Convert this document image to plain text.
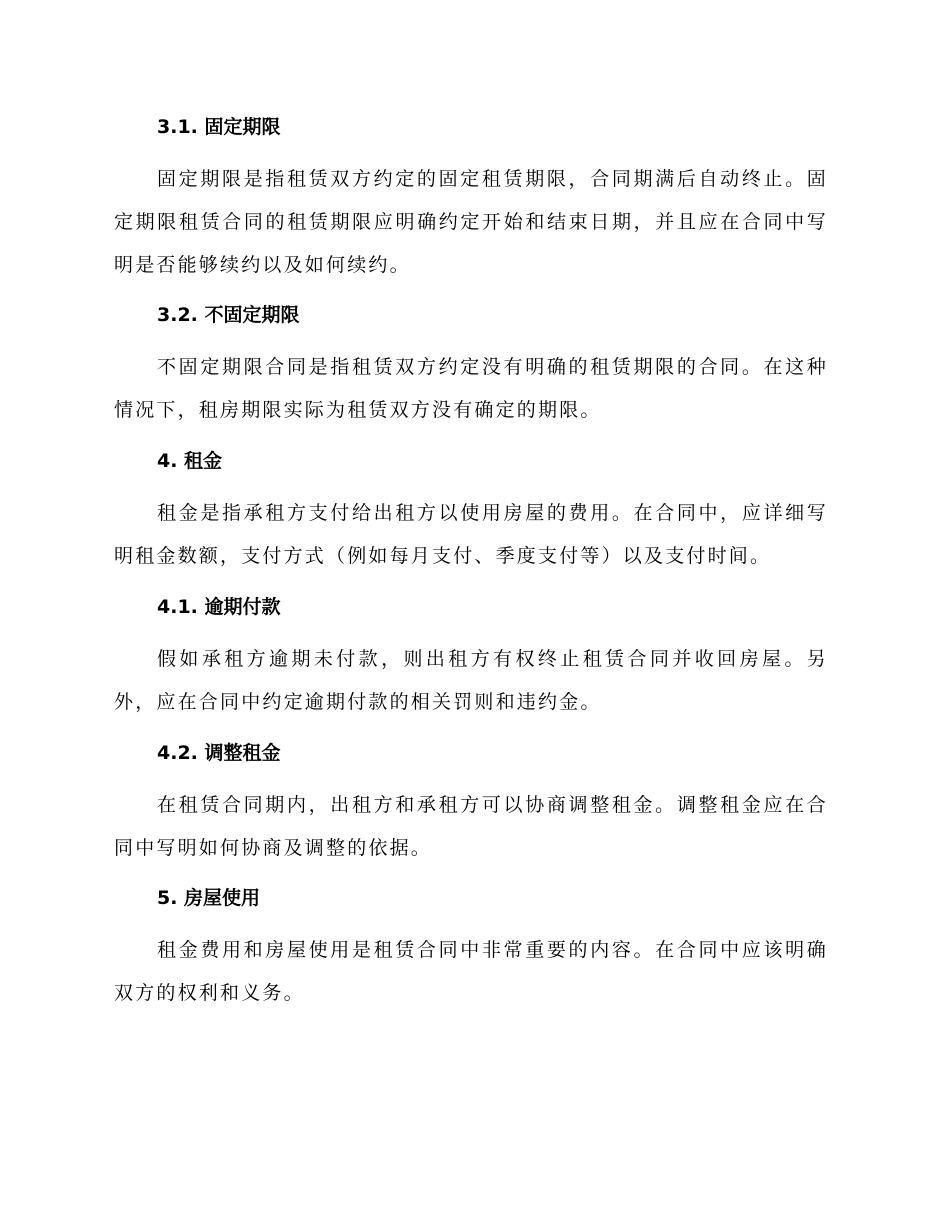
3.1. 固定期限

固定期限是指租赁双方约定的固定租赁期限，合同期满后自动终止。固定期限租赁合同的租赁期限应明确约定开始和结束日期，并且应在合同中写明是否能够续约以及如何续约。

3.2. 不固定期限

不固定期限合同是指租赁双方约定没有明确的租赁期限的合同。在这种情况下，租房期限实际为租赁双方没有确定的期限。

4. 租金

租金是指承租方支付给出租方以使用房屋的费用。在合同中，应详细写明租金数额，支付方式（例如每月支付、季度支付等）以及支付时间。

4.1. 逾期付款

假如承租方逾期未付款，则出租方有权终止租赁合同并收回房屋。另外，应在合同中约定逾期付款的相关罚则和违约金。

4.2. 调整租金

在租赁合同期内，出租方和承租方可以协商调整租金。调整租金应在合同中写明如何协商及调整的依据。

5. 房屋使用

租金费用和房屋使用是租赁合同中非常重要的内容。在合同中应该明确双方的权利和义务。
